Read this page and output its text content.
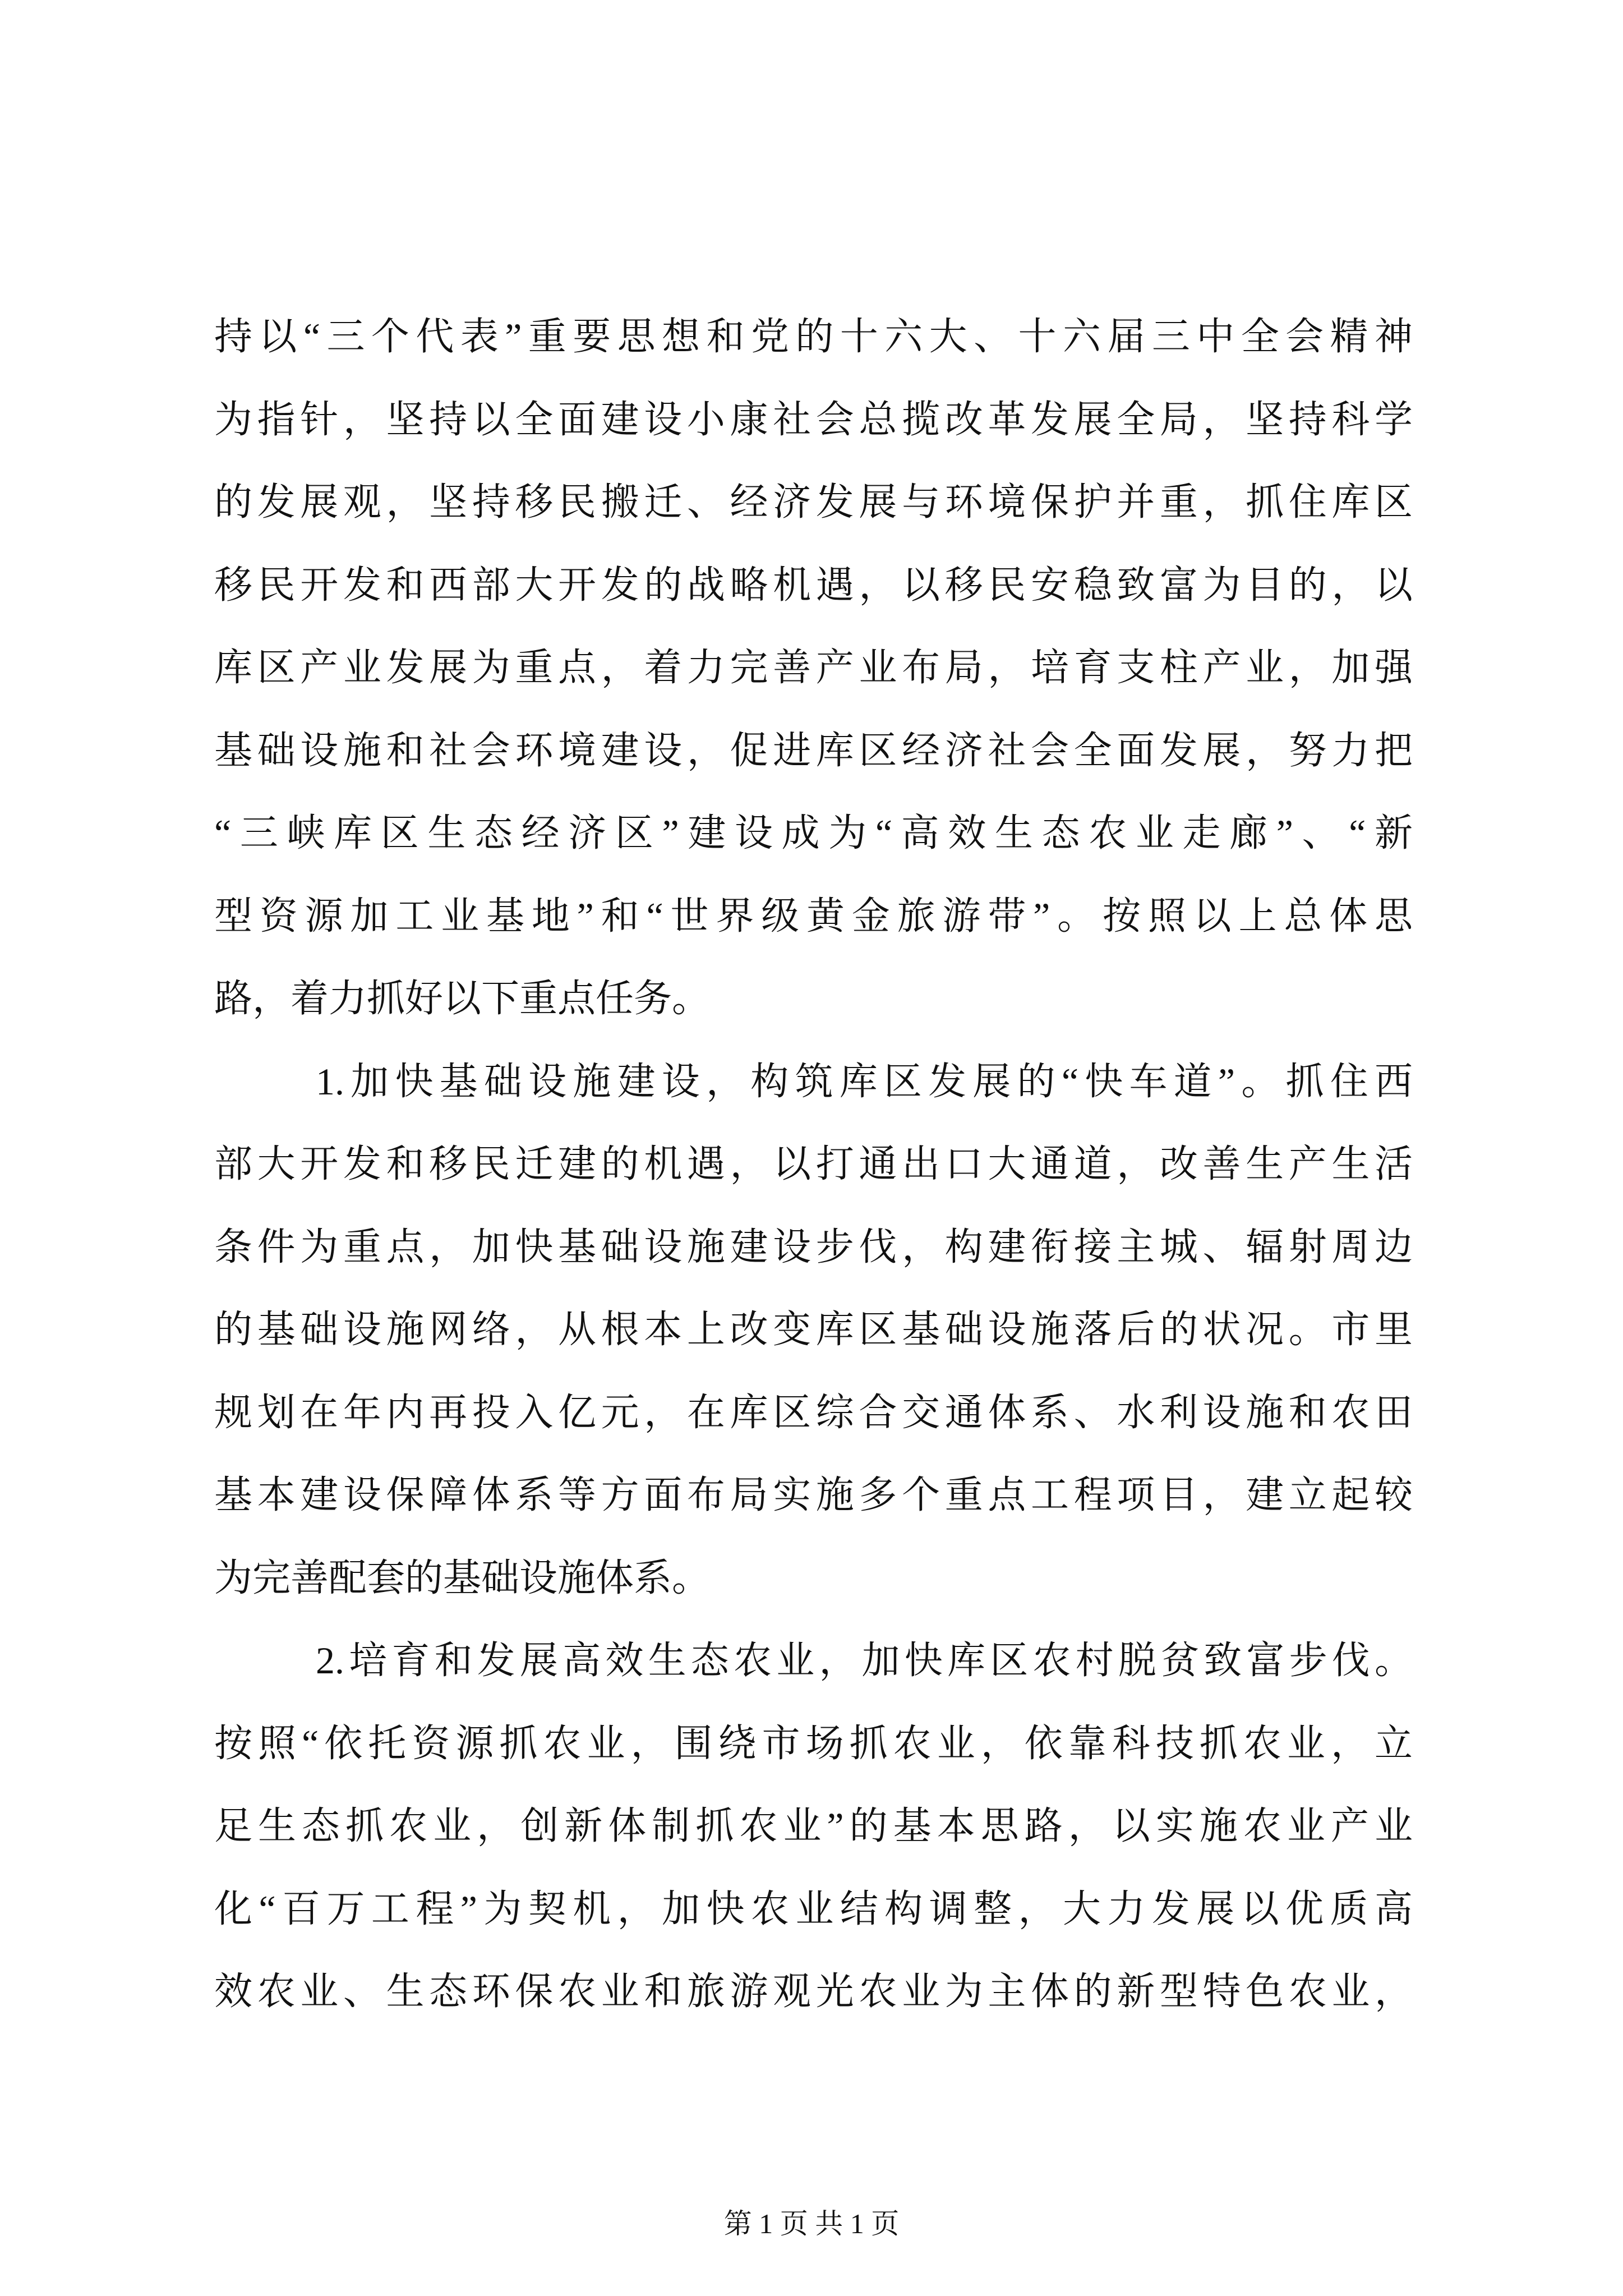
持以“三个代表”重要思想和党的十六大、十六届三中全会精神
为指针，坚持以全面建设小康社会总揽改革发展全局，坚持科学
的发展观，坚持移民搬迁、经济发展与环境保护并重，抓住库区
移民开发和西部大开发的战略机遇，以移民安稳致富为目的，以
库区产业发展为重点，着力完善产业布局，培育支柱产业，加强
基础设施和社会环境建设，促进库区经济社会全面发展，努力把
“三峡库区生态经济区”建设成为“高效生态农业走廊”、“新
型资源加工业基地”和“世界级黄金旅游带”。按照以上总体思
路，着力抓好以下重点任务。
1.加快基础设施建设，构筑库区发展的“快车道”。抓住西
部大开发和移民迁建的机遇，以打通出口大通道，改善生产生活
条件为重点，加快基础设施建设步伐，构建衔接主城、辐射周边
的基础设施网络，从根本上改变库区基础设施落后的状况。市里
规划在年内再投入亿元，在库区综合交通体系、水利设施和农田
基本建设保障体系等方面布局实施多个重点工程项目，建立起较
为完善配套的基础设施体系。
2.培育和发展高效生态农业，加快库区农村脱贫致富步伐。
按照“依托资源抓农业，围绕市场抓农业，依靠科技抓农业，立
足生态抓农业，创新体制抓农业”的基本思路，以实施农业产业
化“百万工程”为契机，加快农业结构调整，大力发展以优质高
效农业、生态环保农业和旅游观光农业为主体的新型特色农业，
第 1 页 共 1 页
